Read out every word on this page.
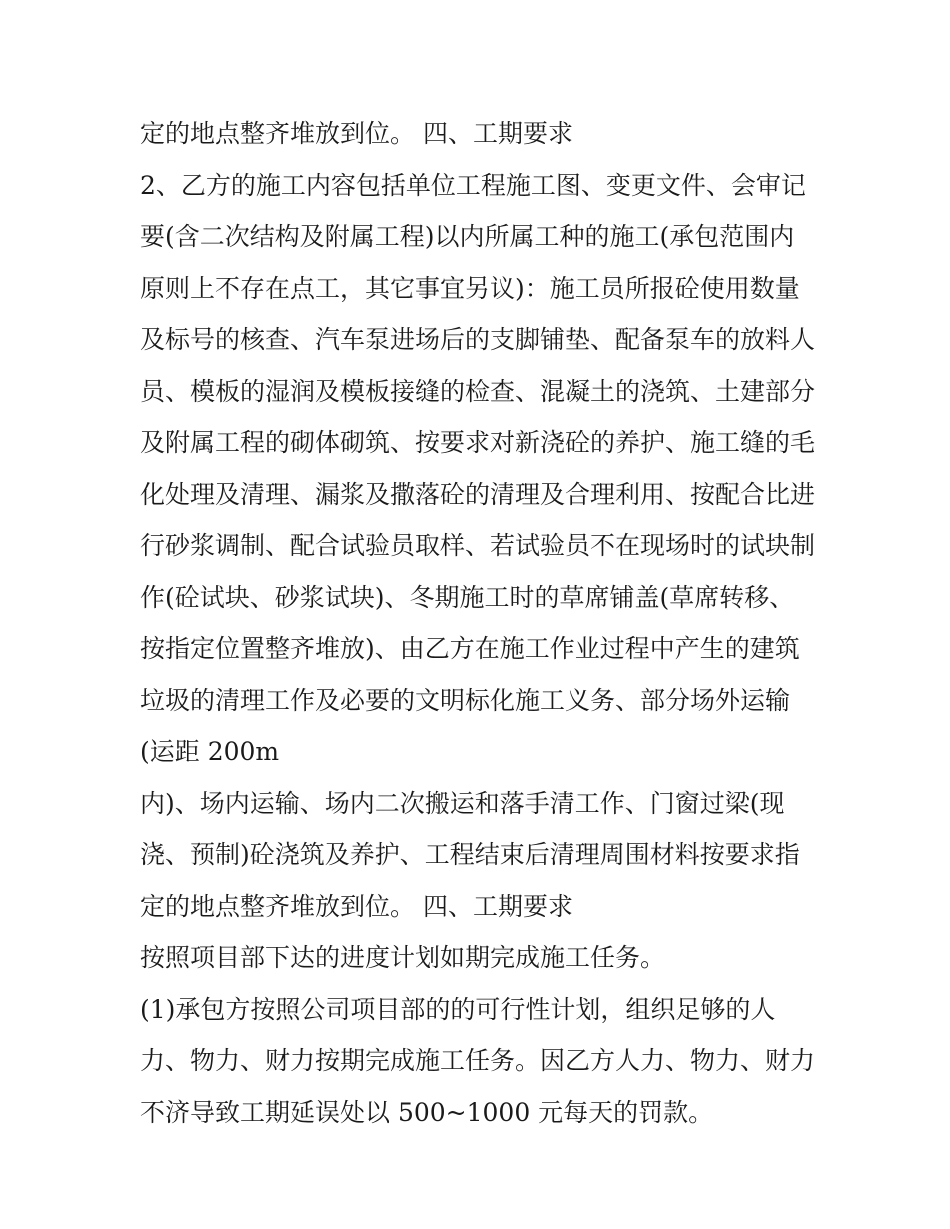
定的地点整齐堆放到位。 四、工期要求
2、乙方的施工内容包括单位工程施工图、变更文件、会审记
要(含二次结构及附属工程)以内所属工种的施工(承包范围内
原则上不存在点工，其它事宜另议)：施工员所报砼使用数量
及标号的核查、汽车泵进场后的支脚铺垫、配备泵车的放料人
员、模板的湿润及模板接缝的检查、混凝土的浇筑、土建部分
及附属工程的砌体砌筑、按要求对新浇砼的养护、施工缝的毛
化处理及清理、漏浆及撒落砼的清理及合理利用、按配合比进
行砂浆调制、配合试验员取样、若试验员不在现场时的试块制
作(砼试块、砂浆试块)、冬期施工时的草席铺盖(草席转移、
按指定位置整齐堆放)、由乙方在施工作业过程中产生的建筑
垃圾的清理工作及必要的文明标化施工义务、部分场外运输
(运距 200m
内)、场内运输、场内二次搬运和落手清工作、门窗过梁(现
浇、预制)砼浇筑及养护、工程结束后清理周围材料按要求指
定的地点整齐堆放到位。 四、工期要求
按照项目部下达的进度计划如期完成施工任务。
(1)承包方按照公司项目部的的可行性计划，组织足够的人
力、物力、财力按期完成施工任务。因乙方人力、物力、财力
不济导致工期延误处以 500~1000 元每天的罚款。
